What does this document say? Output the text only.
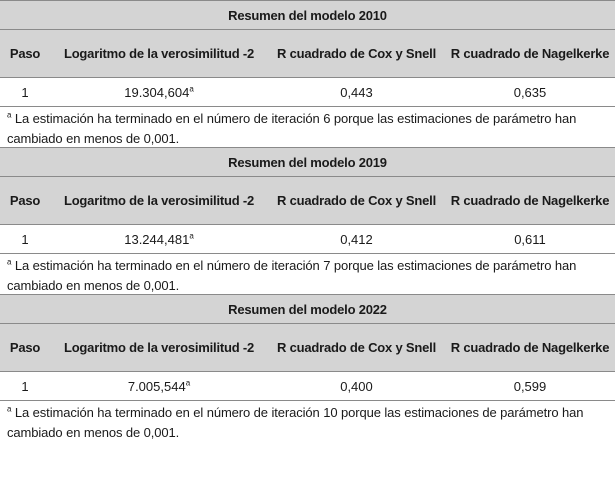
Resumen del modelo 2010
Paso	Logaritmo de la verosimilitud -2	R cuadrado de Cox y Snell	R cuadrado de Nagelkerke
1	19.304,604$^a$	0,443	0,635
$^a$ La estimación ha terminado en el número de iteración 6 porque las estimaciones de parámetro han cambiado en menos de 0,001.
Resumen del modelo 2019
Paso	Logaritmo de la verosimilitud -2	R cuadrado de Cox y Snell	R cuadrado de Nagelkerke
1	13.244,481$^a$	0,412	0,611
$^a$ La estimación ha terminado en el número de iteración 7 porque las estimaciones de parámetro han cambiado en menos de 0,001.
Resumen del modelo 2022
Paso	Logaritmo de la verosimilitud -2	R cuadrado de Cox y Snell	R cuadrado de Nagelkerke
1	7.005,544$^a$	0,400	0,599
$^a$ La estimación ha terminado en el número de iteración 10 porque las estimaciones de parámetro han cambiado en menos de 0,001.
